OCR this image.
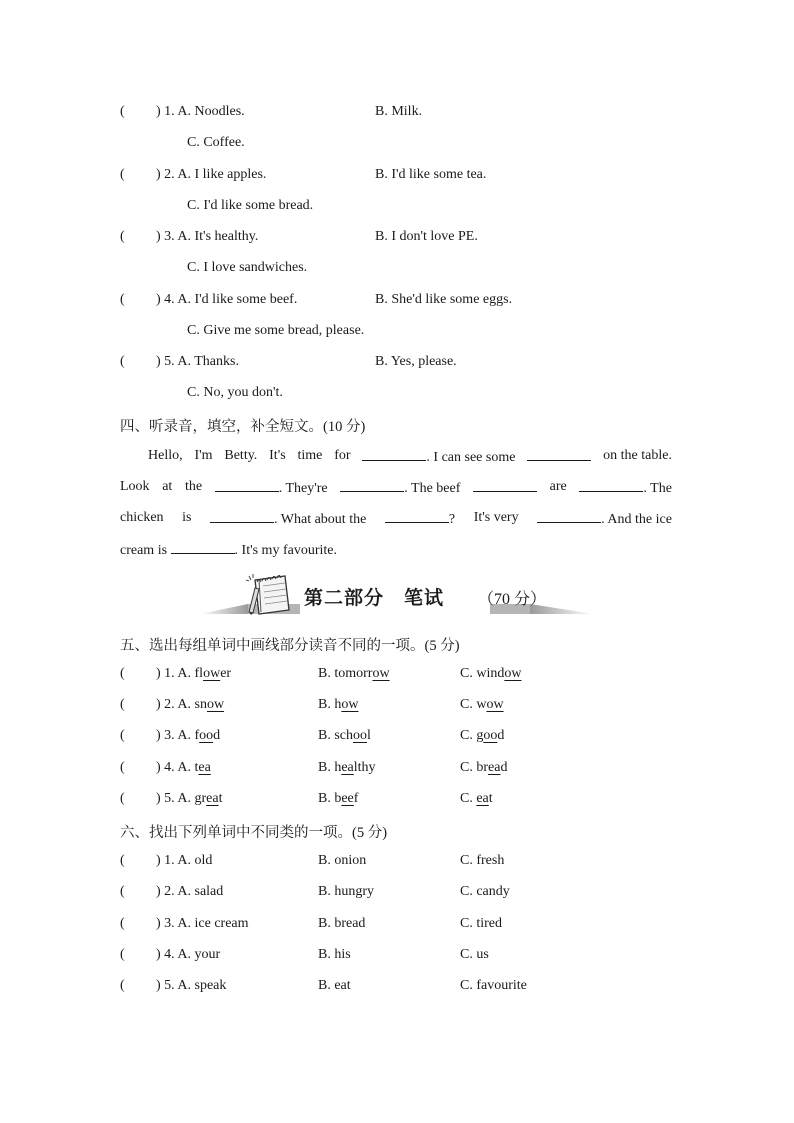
( ) 1. A. Noodles.	B. Milk.
C. Coffee.
( ) 2. A. I like apples.	B. I'd like some tea.
C. I'd like some bread.
( ) 3. A. It's healthy.	B. I don't love PE.
C. I love sandwiches.
( ) 4. A. I'd like some beef.	B. She'd like some eggs.
C. Give me some bread, please.
( ) 5. A. Thanks.	B. Yes, please.
C. No, you don't.
四、听录音，填空，补全短文。(10 分)
Hello, I'm Betty. It's time for	. I can see some	on the table.
Look at the	. They're	. The beef	are	. The
chicken is	. What about the	? It's very	. And the ice
cream is	. It's my favourite.
第二部分　笔试 （70 分）
五、选出每组单词中画线部分读音不同的一项。(5 分)
( ) 1. A. flower	B. tomorrow	C. window
( ) 2. A. snow	B. how	C. wow
( ) 3. A. food	B. school	C. good
( ) 4. A. tea	B. healthy	C. bread
( ) 5. A. great	B. beef	C. eat
六、找出下列单词中不同类的一项。(5 分)
( ) 1. A. old	B. onion	C. fresh
( ) 2. A. salad	B. hungry	C. candy
( ) 3. A. ice cream	B. bread	C. tired
( ) 4. A. your	B. his	C. us
( ) 5. A. speak	B. eat	C. favourite
